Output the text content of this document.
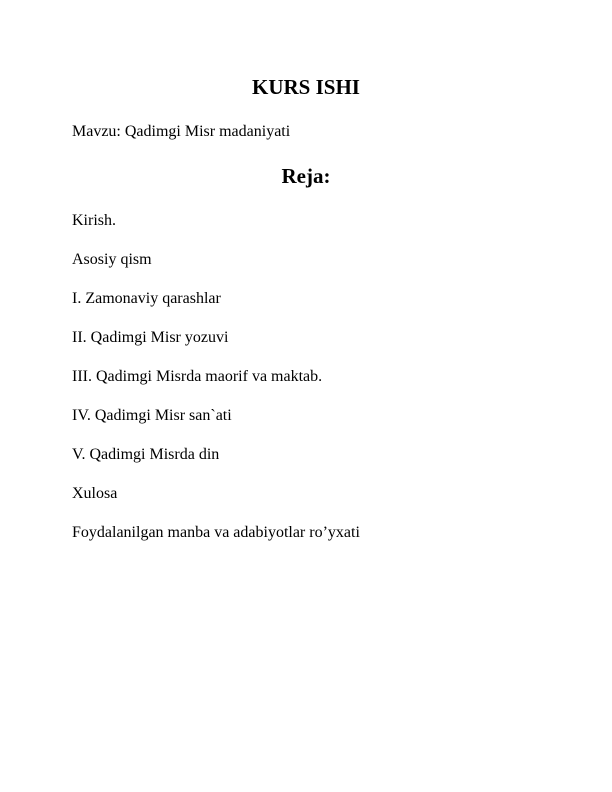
KURS ISHI

Mavzu: Qadimgi Misr madaniyati

Reja:
Kirish.
Asosiy qism
I. Zamonaviy qarashlar
II. Qadimgi Misr yozuvi
III. Qadimgi Misrda maorif va maktab.
IV. Qadimgi Misr san`ati
V. Qadimgi Misrda din
Xulosa
Foydalanilgan manba va adabiyotlar ro’yxati
